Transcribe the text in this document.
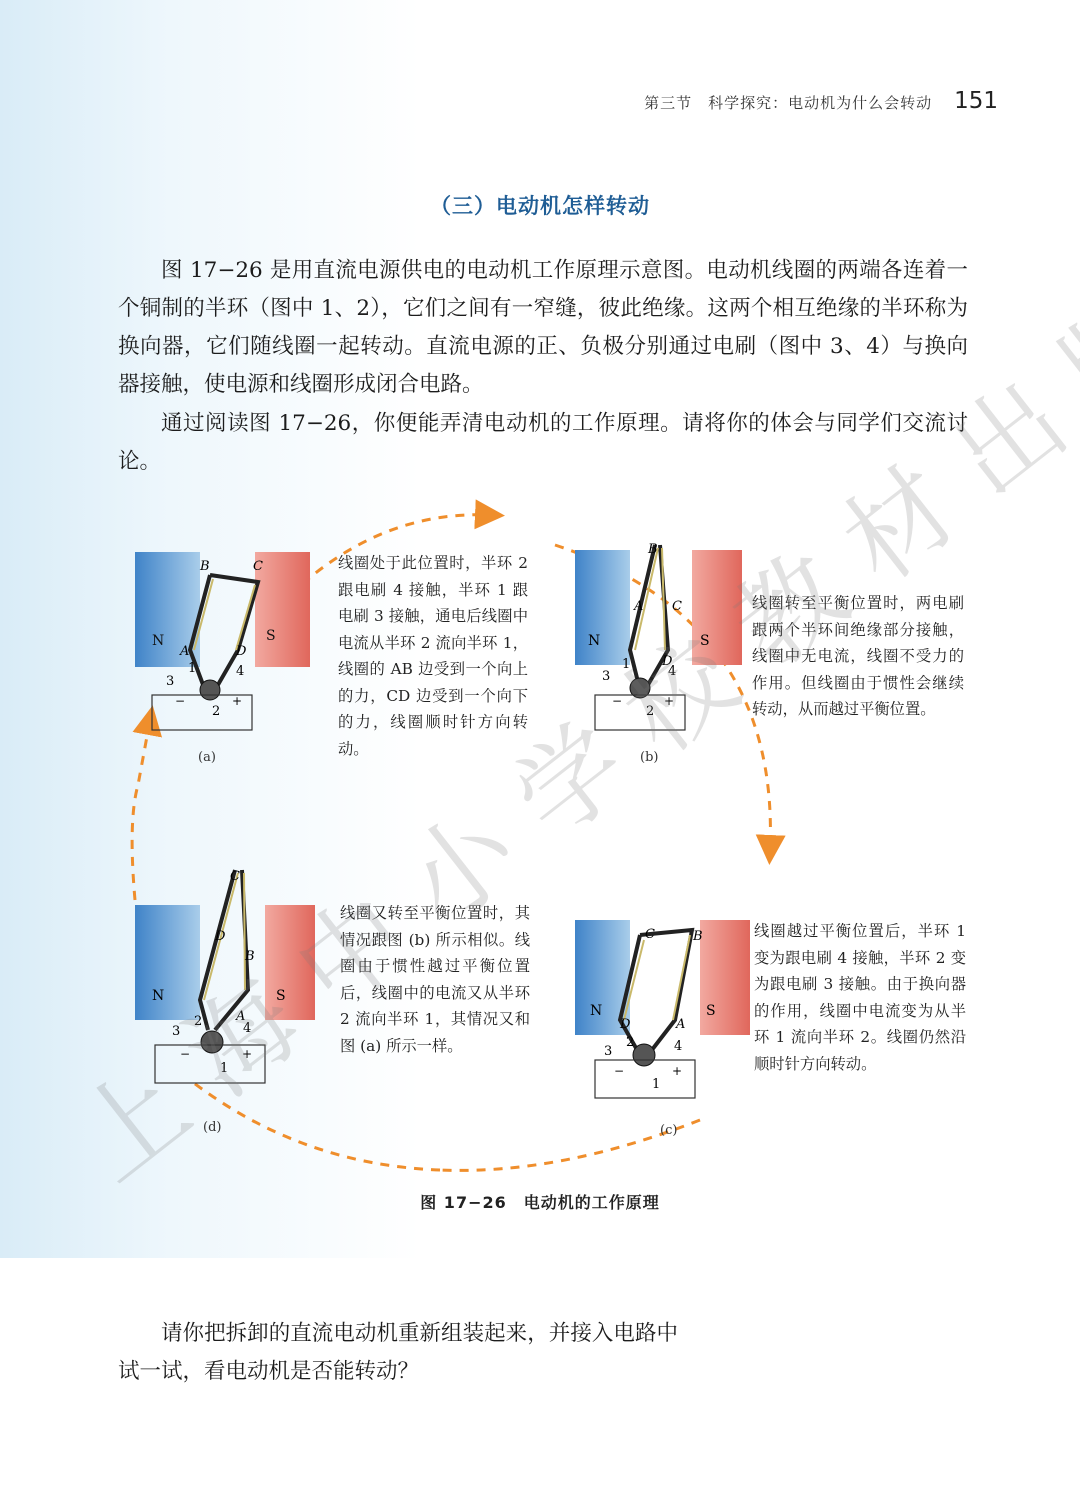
第三节　科学探究：电动机为什么会转动 151
（三）电动机怎样转动

图 17−26 是用直流电源供电的电动机工作原理示意图。电动机线圈的两端各连着一个铜制的半环（图中 1、2），它们之间有一窄缝，彼此绝缘。这两个相互绝缘的半环称为换向器，它们随线圈一起转动。直流电源的正、负极分别通过电刷（图中 3、4）与换向器接触，使电源和线圈形成闭合电路。

通过阅读图 17−26，你便能弄清电动机的工作原理。请将你的体会与同学们交流讨论。

N	S
B	C
A	D
3
1	4
2
−	+
N	S
B
A C
D
3
1	4
2
−	+
N	S
C
D
B
A
3
2	4
1
−	+
N	S
C	B
D	A
3
2	4
1
−	+

线圈处于此位置时，半环 2 跟电刷 4 接触，半环 1 跟电刷 3 接触，通电后线圈中电流从半环 2 流向半环 1，线圈的 AB 边受到一个向上的力，CD 边受到一个向下的力，线圈顺时针方向转动。

线圈转至平衡位置时，两电刷跟两个半环间绝缘部分接触，线圈中无电流，线圈不受力的作用。但线圈由于惯性会继续转动，从而越过平衡位置。

线圈又转至平衡位置时，其情况跟图 (b) 所示相似。线圈由于惯性越过平衡位置后，线圈中的电流又从半环 2 流向半环 1，其情况又和图 (a) 所示一样。

线圈越过平衡位置后，半环 1 变为跟电刷 4 接触，半环 2 变为跟电刷 3 接触。由于换向器的作用，线圈中电流变为从半环 1 流向半环 2。线圈仍然沿顺时针方向转动。

(a)	(b)
(d)	(c)
图 17−26　电动机的工作原理

请你把拆卸的直流电动机重新组装起来，并接入电路中试一试，看电动机是否能转动？
